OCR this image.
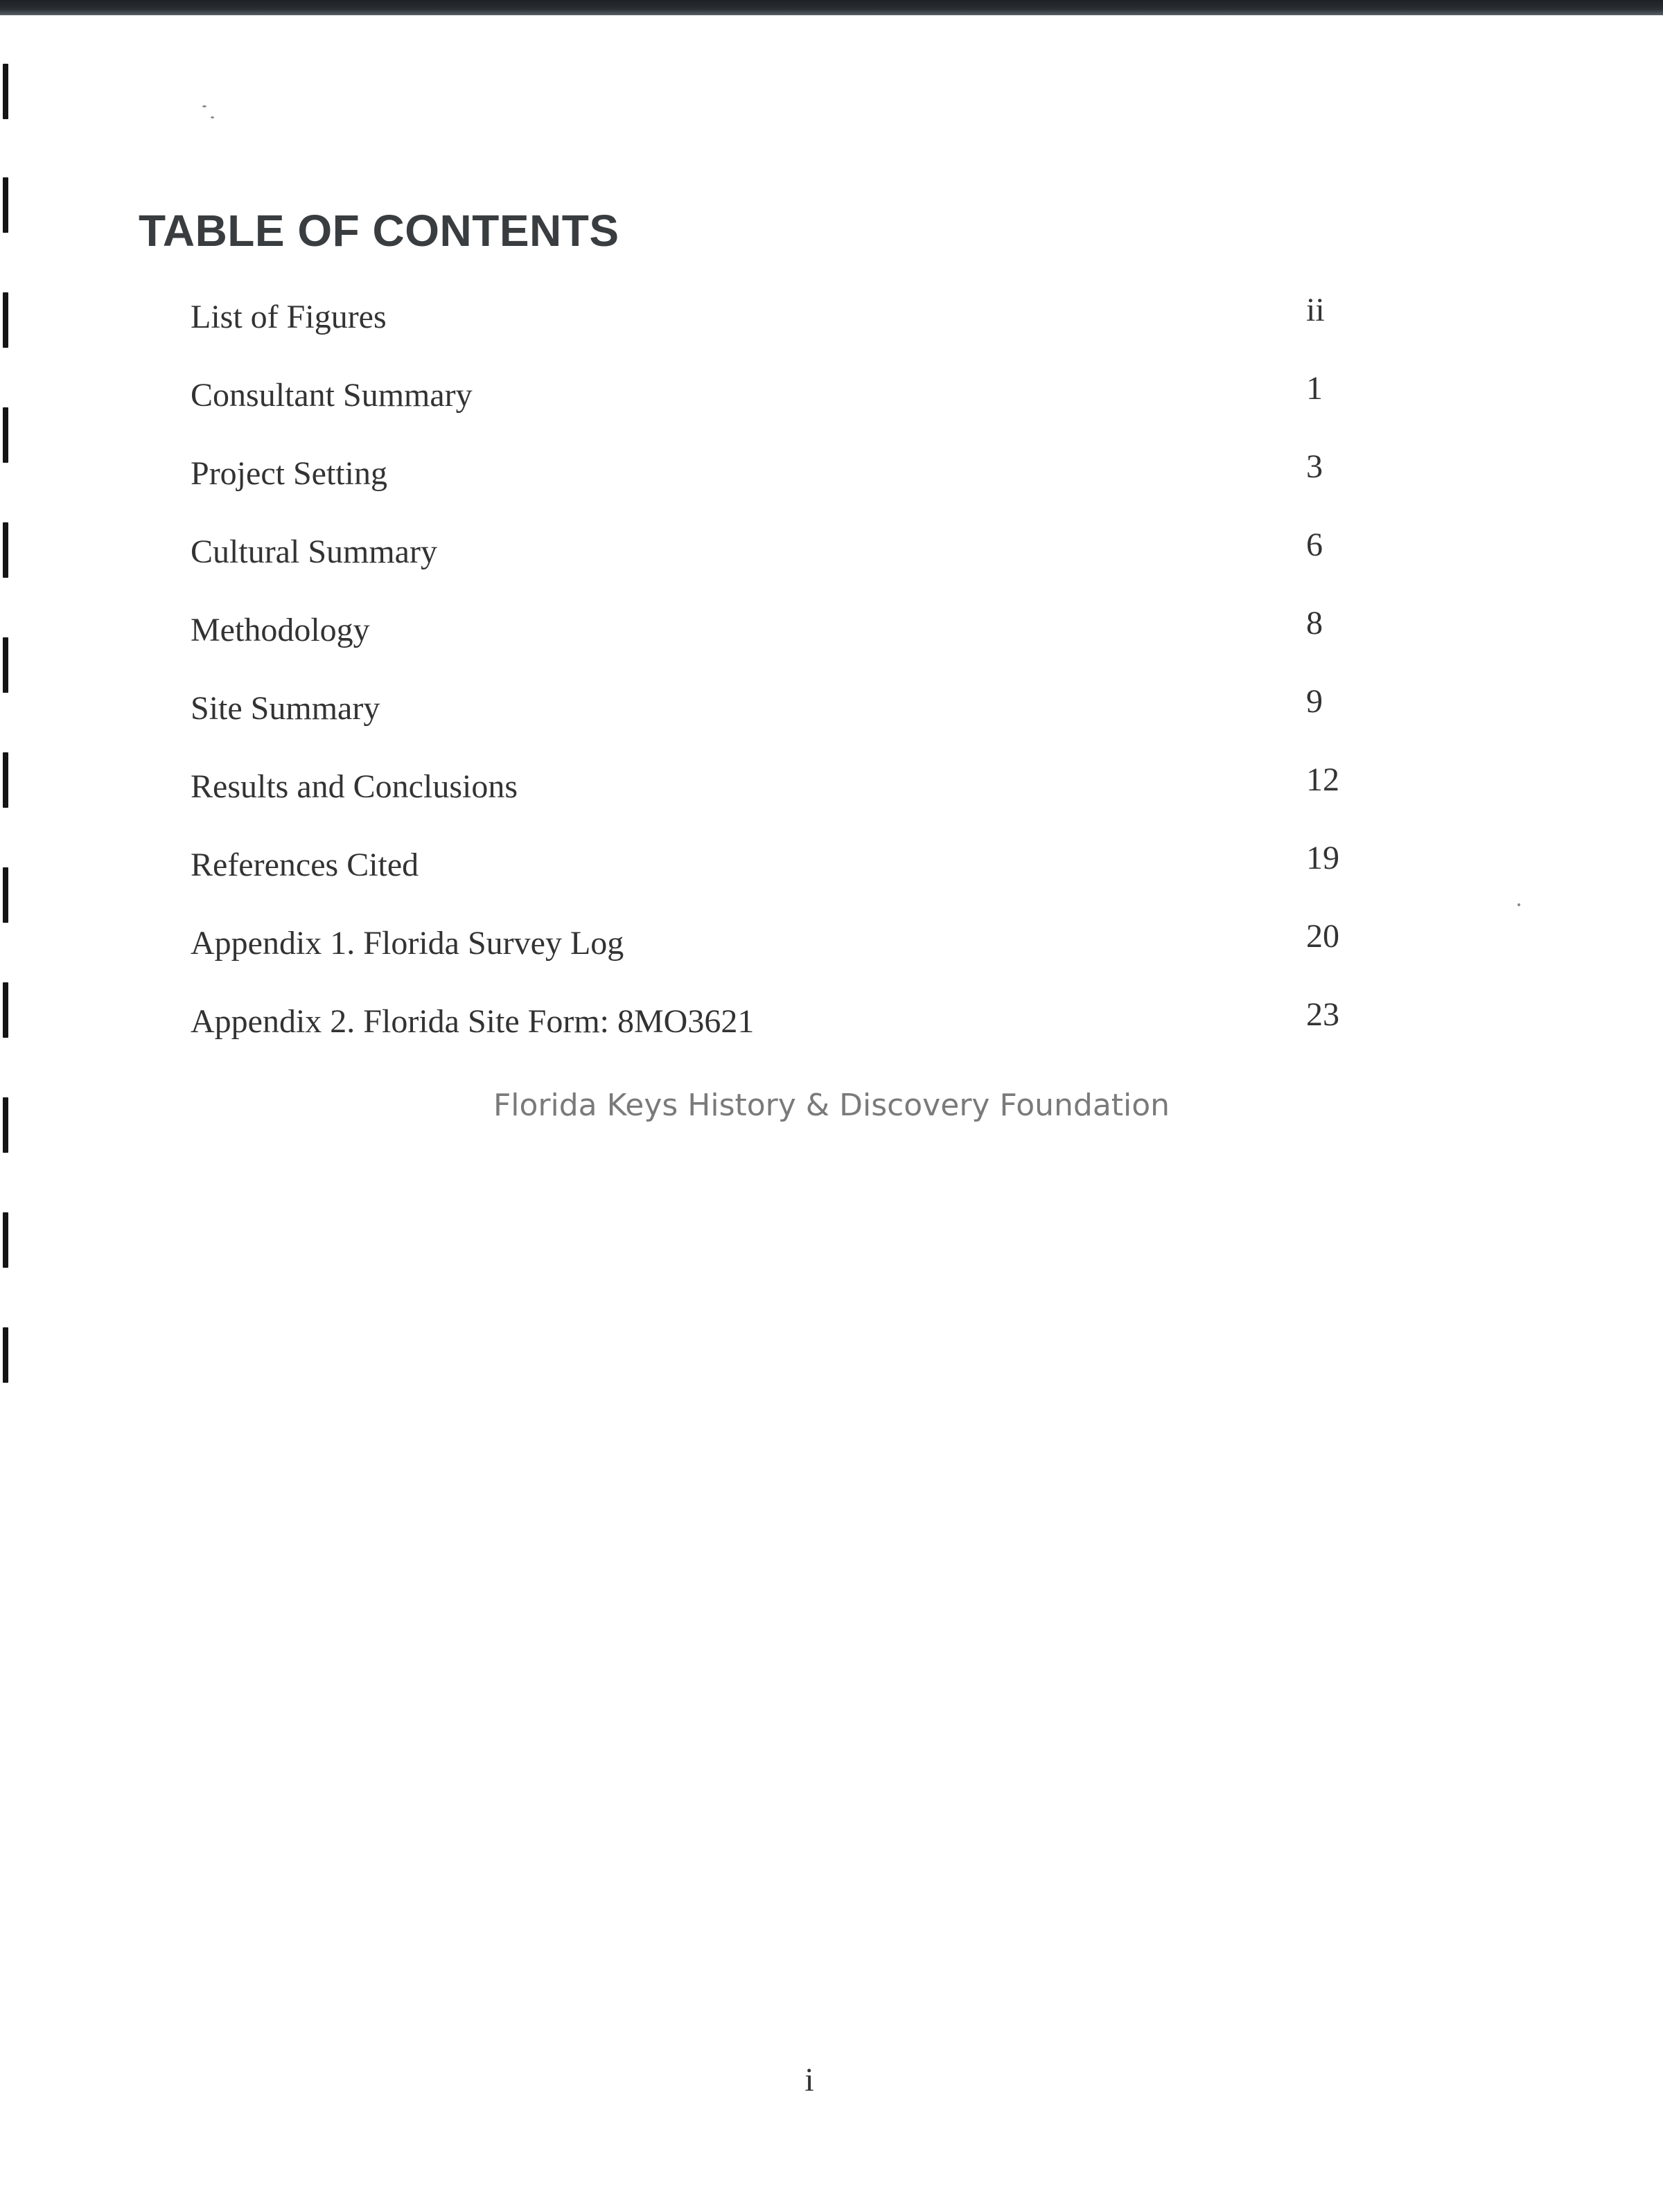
TABLE OF CONTENTS
List of Figures	ii
Consultant Summary	1
Project Setting	3
Cultural Summary	6
Methodology	8
Site Summary	9
Results and Conclusions	12
References Cited	19
Appendix 1. Florida Survey Log	20
Appendix 2. Florida Site Form: 8MO3621	23
Florida Keys History & Discovery Foundation
i
